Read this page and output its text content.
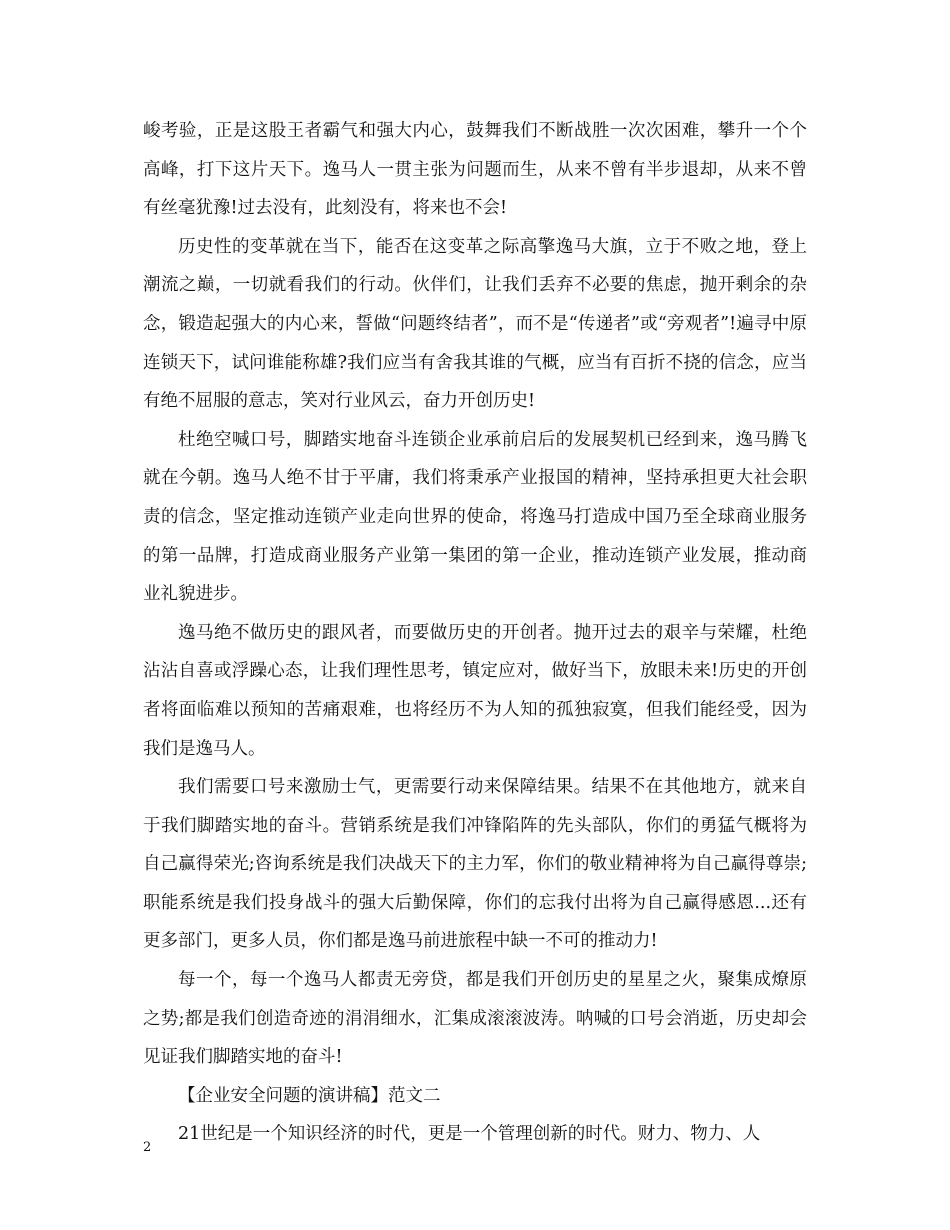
峻考验，正是这股王者霸气和强大内心，鼓舞我们不断战胜一次次困难，攀升一个个高峰，打下这片天下。逸马人一贯主张为问题而生，从来不曾有半步退却，从来不曾有丝毫犹豫!过去没有，此刻没有，将来也不会!

历史性的变革就在当下，能否在这变革之际高擎逸马大旗，立于不败之地，登上潮流之巅，一切就看我们的行动。伙伴们，让我们丢弃不必要的焦虑，抛开剩余的杂念，锻造起强大的内心来，誓做“问题终结者”，而不是“传递者”或“旁观者”!遍寻中原连锁天下，试问谁能称雄?我们应当有舍我其谁的气概，应当有百折不挠的信念，应当有绝不屈服的意志，笑对行业风云，奋力开创历史!

杜绝空喊口号，脚踏实地奋斗连锁企业承前启后的发展契机已经到来，逸马腾飞就在今朝。逸马人绝不甘于平庸，我们将秉承产业报国的精神，坚持承担更大社会职责的信念，坚定推动连锁产业走向世界的使命，将逸马打造成中国乃至全球商业服务的第一品牌，打造成商业服务产业第一集团的第一企业，推动连锁产业发展，推动商业礼貌进步。

逸马绝不做历史的跟风者，而要做历史的开创者。抛开过去的艰辛与荣耀，杜绝沾沾自喜或浮躁心态，让我们理性思考，镇定应对，做好当下，放眼未来!历史的开创者将面临难以预知的苦痛艰难，也将经历不为人知的孤独寂寞，但我们能经受，因为我们是逸马人。

我们需要口号来激励士气，更需要行动来保障结果。结果不在其他地方，就来自于我们脚踏实地的奋斗。营销系统是我们冲锋陷阵的先头部队，你们的勇猛气概将为自己赢得荣光;咨询系统是我们决战天下的主力军，你们的敬业精神将为自己赢得尊崇;职能系统是我们投身战斗的强大后勤保障，你们的忘我付出将为自己赢得感恩...还有更多部门，更多人员，你们都是逸马前进旅程中缺一不可的推动力!

每一个，每一个逸马人都责无旁贷，都是我们开创历史的星星之火，聚集成燎原之势;都是我们创造奇迹的涓涓细水，汇集成滚滚波涛。呐喊的口号会消逝，历史却会见证我们脚踏实地的奋斗!

【企业安全问题的演讲稿】范文二

21世纪是一个知识经济的时代，更是一个管理创新的时代。财力、物力、人

2
